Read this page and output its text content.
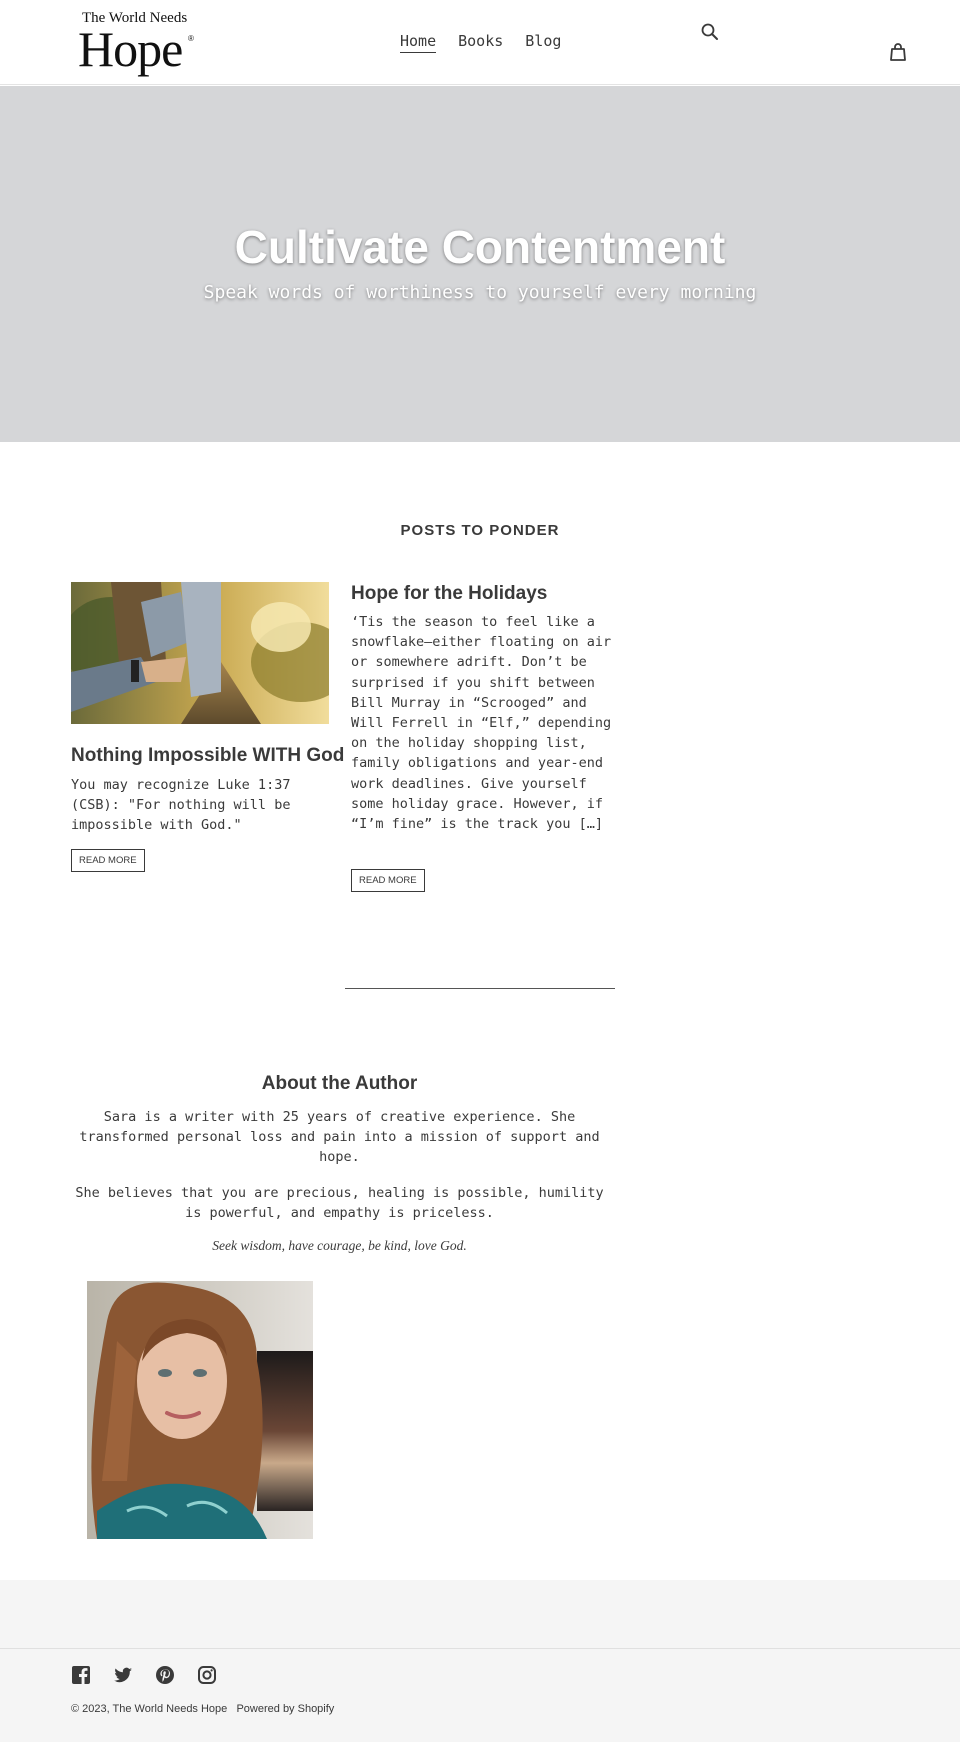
The World Needs
Hope ®	Home Books Blog
Cultivate Contentment

Speak words of worthiness to yourself every morning

POSTS TO PONDER
Nothing Impossible WITH God

You may recognize Luke 1:37 (CSB): "For nothing will be impossible with God."

READ MORE
Hope for the Holidays

‘Tis the season to feel like a snowflake—either floating on air or somewhere adrift. Don’t be surprised if you shift between Bill Murray in “Scrooged” and Will Ferrell in “Elf,” depending on the holiday shopping list, family obligations and year-end work deadlines. Give yourself some holiday grace. However, if “I’m fine” is the track you […]

READ MORE
About the Author

Sara is a writer with 25 years of creative experience. She transformed personal loss and pain into a mission of support and hope.

She believes that you are precious, healing is possible, humility is powerful, and empathy is priceless.

Seek wisdom, have courage, be kind, love God.

© 2023, The World Needs Hope Powered by Shopify
